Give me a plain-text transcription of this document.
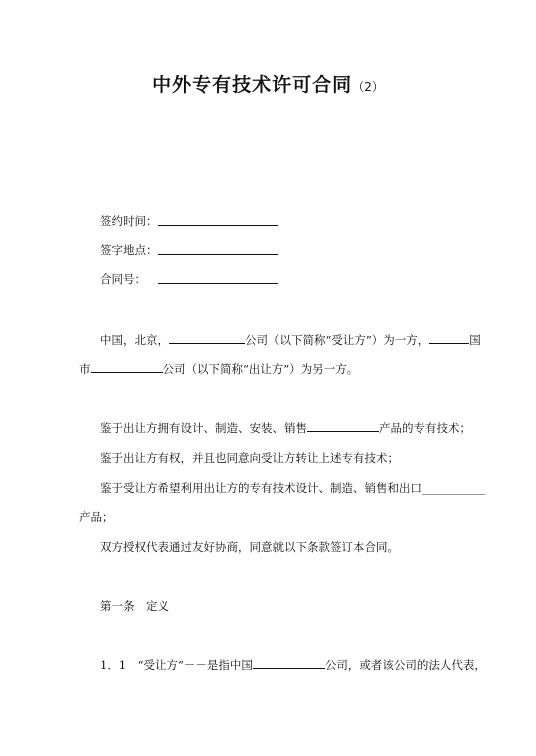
中外专有技术许可合同（2）
签约时间：
签字地点：
合同号：
中国，北京，	公司（以下简称“受让方”）为一方，	国
市	公司（以下简称“出让方”）为另一方。
鉴于出让方拥有设计、制造、安装、销售	产品的专有技术；
鉴于出让方有权，并且也同意向受让方转让上述专有技术；
鉴于受让方希望利用出让方的专有技术设计、制造、销售和出口___________
产品；
双方授权代表通过友好协商，同意就以下条款签订本合同。
第一条　定义
1．1　 “受让方”－－是指中国	公司，或者该公司的法人代表，
